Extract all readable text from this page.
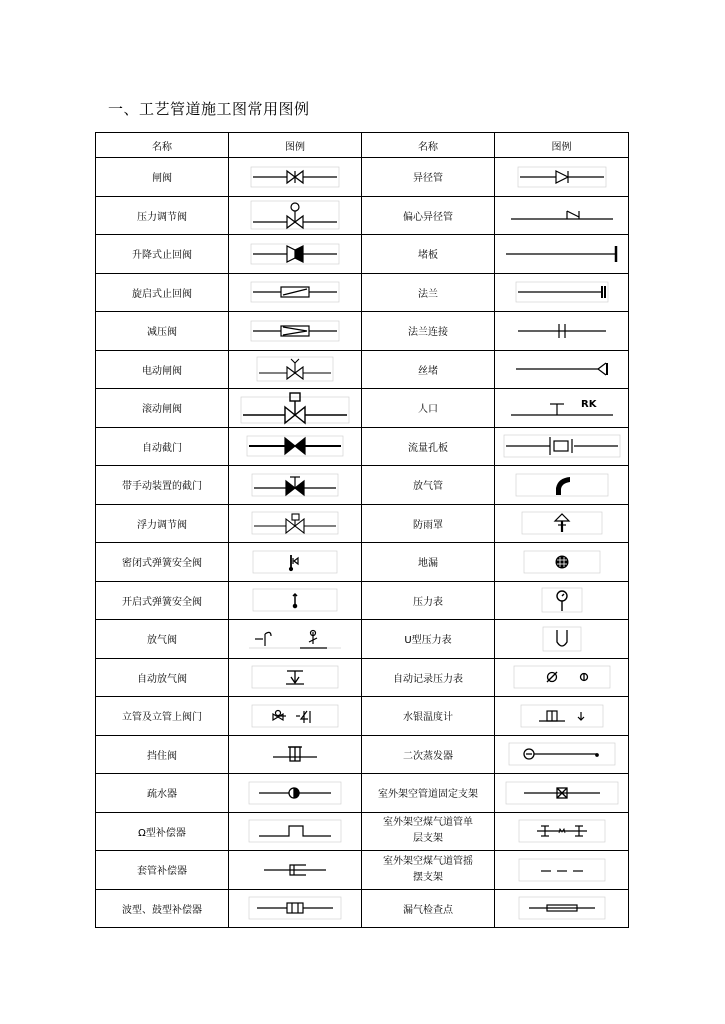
一、工艺管道施工图常用图例
名称	图例	名称	图例
闸阀		异径管	

压力调节阀		偏心异径管	

升降式止回阀		堵板	

旋启式止回阀		法兰	

减压阀		法兰连接	

电动闸阀		丝堵	

滚动闸阀		人口	RK

自动截门		流量孔板	

带手动装置的截门		放气管	

浮力调节阀		防雨罩	

密闭式弹簧安全阀		地漏	

开启式弹簧安全阀		压力表	

放气阀		U型压力表	

自动放气阀		自动记录压力表	

立管及立管上阀门		水银温度计	

挡住阀		二次蒸发器	

疏水器		室外架空管道固定支架	

Ω型补偿器		室外架空煤气道管单
层支架

套管补偿器		室外架空煤气道管摇
摆支架

波型、鼓型补偿器		漏气检查点	
